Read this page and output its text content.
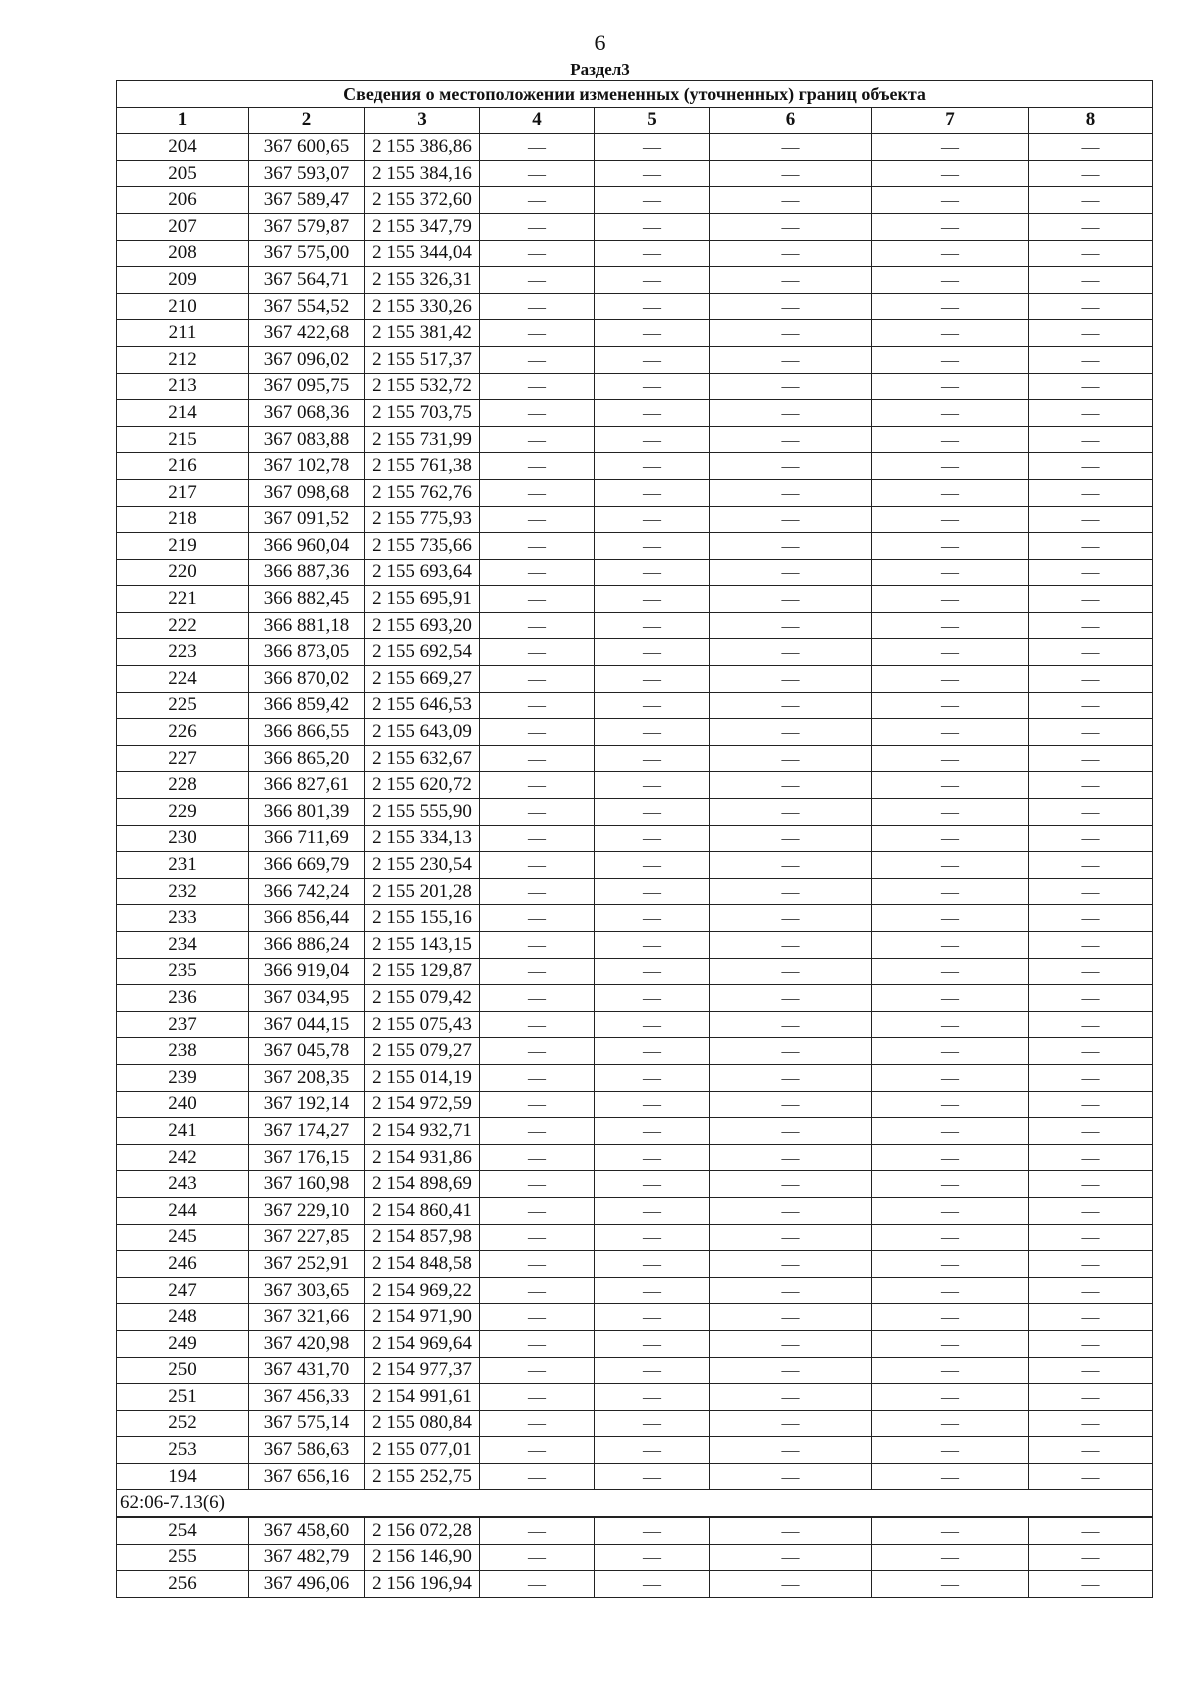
6
Раздел3
Сведения о местоположении измененных (уточненных) границ объекта							
1	2	3	4	5	6	7	8
204	367 600,65	2 155 386,86	—	—	—	—	—
205	367 593,07	2 155 384,16	—	—	—	—	—
206	367 589,47	2 155 372,60	—	—	—	—	—
207	367 579,87	2 155 347,79	—	—	—	—	—
208	367 575,00	2 155 344,04	—	—	—	—	—
209	367 564,71	2 155 326,31	—	—	—	—	—
210	367 554,52	2 155 330,26	—	—	—	—	—
211	367 422,68	2 155 381,42	—	—	—	—	—
212	367 096,02	2 155 517,37	—	—	—	—	—
213	367 095,75	2 155 532,72	—	—	—	—	—
214	367 068,36	2 155 703,75	—	—	—	—	—
215	367 083,88	2 155 731,99	—	—	—	—	—
216	367 102,78	2 155 761,38	—	—	—	—	—
217	367 098,68	2 155 762,76	—	—	—	—	—
218	367 091,52	2 155 775,93	—	—	—	—	—
219	366 960,04	2 155 735,66	—	—	—	—	—
220	366 887,36	2 155 693,64	—	—	—	—	—
221	366 882,45	2 155 695,91	—	—	—	—	—
222	366 881,18	2 155 693,20	—	—	—	—	—
223	366 873,05	2 155 692,54	—	—	—	—	—
224	366 870,02	2 155 669,27	—	—	—	—	—
225	366 859,42	2 155 646,53	—	—	—	—	—
226	366 866,55	2 155 643,09	—	—	—	—	—
227	366 865,20	2 155 632,67	—	—	—	—	—
228	366 827,61	2 155 620,72	—	—	—	—	—
229	366 801,39	2 155 555,90	—	—	—	—	—
230	366 711,69	2 155 334,13	—	—	—	—	—
231	366 669,79	2 155 230,54	—	—	—	—	—
232	366 742,24	2 155 201,28	—	—	—	—	—
233	366 856,44	2 155 155,16	—	—	—	—	—
234	366 886,24	2 155 143,15	—	—	—	—	—
235	366 919,04	2 155 129,87	—	—	—	—	—
236	367 034,95	2 155 079,42	—	—	—	—	—
237	367 044,15	2 155 075,43	—	—	—	—	—
238	367 045,78	2 155 079,27	—	—	—	—	—
239	367 208,35	2 155 014,19	—	—	—	—	—
240	367 192,14	2 154 972,59	—	—	—	—	—
241	367 174,27	2 154 932,71	—	—	—	—	—
242	367 176,15	2 154 931,86	—	—	—	—	—
243	367 160,98	2 154 898,69	—	—	—	—	—
244	367 229,10	2 154 860,41	—	—	—	—	—
245	367 227,85	2 154 857,98	—	—	—	—	—
246	367 252,91	2 154 848,58	—	—	—	—	—
247	367 303,65	2 154 969,22	—	—	—	—	—
248	367 321,66	2 154 971,90	—	—	—	—	—
249	367 420,98	2 154 969,64	—	—	—	—	—
250	367 431,70	2 154 977,37	—	—	—	—	—
251	367 456,33	2 154 991,61	—	—	—	—	—
252	367 575,14	2 155 080,84	—	—	—	—	—
253	367 586,63	2 155 077,01	—	—	—	—	—
194	367 656,16	2 155 252,75	—	—	—	—	—
62:06-7.13(6)							
254	367 458,60	2 156 072,28	—	—	—	—	—
255	367 482,79	2 156 146,90	—	—	—	—	—
256	367 496,06	2 156 196,94	—	—	—	—	—
